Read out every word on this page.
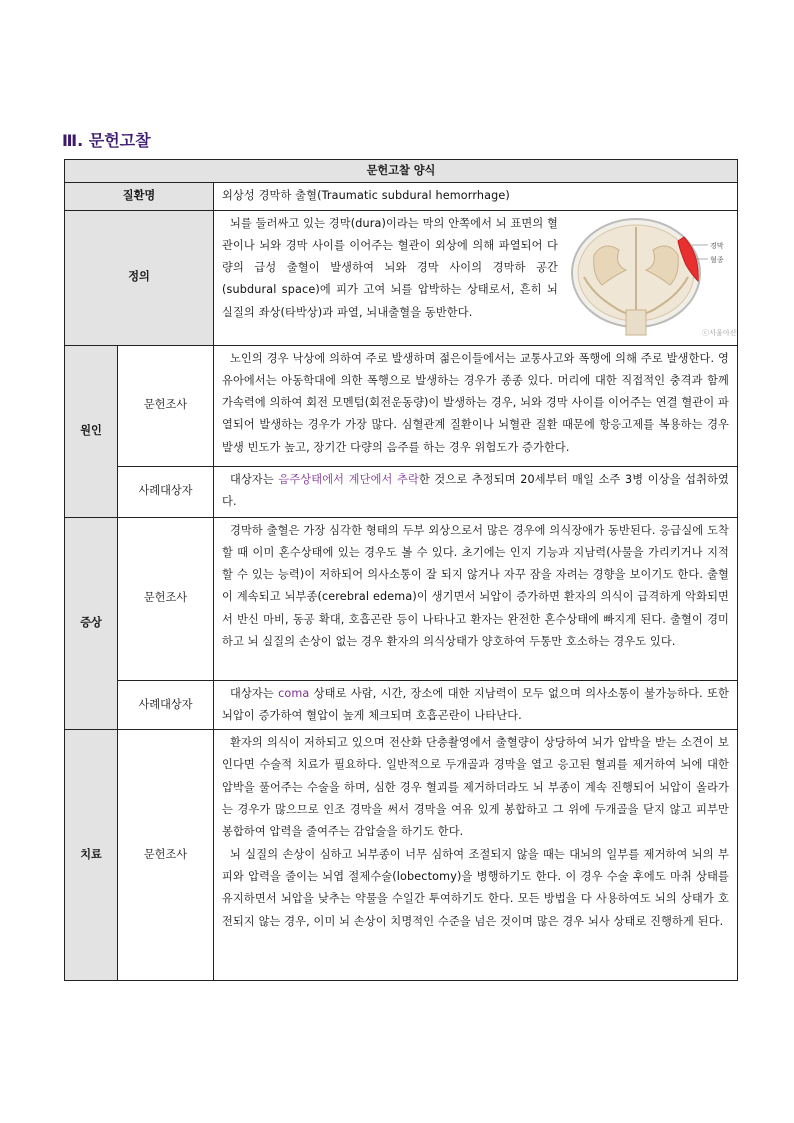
Ⅲ. 문헌고찰
문헌고찰 양식		
질환명		외상성 경막하 출혈(Traumatic subdural hemorrhage)
정의		뇌를 둘러싸고 있는 경막(dura)이라는 막의 안쪽에서 뇌 표면의 혈관이나 뇌와 경막 사이를 이어주는 혈관이 외상에 의해 파열되어 다량의 급성 출혈이 발생하여 뇌와 경막 사이의 경막하 공간(subdural space)에 피가 고여 뇌를 압박하는 상태로서, 흔히 뇌 실질의 좌상(타박상)과 파열, 뇌내출혈을 동반한다.

경막
혈종
ⓒ서울아산

원인	문헌조사	노인의 경우 낙상에 의하여 주로 발생하며 젊은이들에서는 교통사고와 폭행에 의해 주로 발생한다. 영유아에서는 아동학대에 의한 폭행으로 발생하는 경우가 종종 있다. 머리에 대한 직접적인 충격과 함께 가속력에 의하여 회전 모멘텀(회전운동량)이 발생하는 경우, 뇌와 경막 사이를 이어주는 연결 혈관이 파열되어 발생하는 경우가 가장 많다. 심혈관계 질환이나 뇌혈관 질환 때문에 항응고제를 복용하는 경우 발생 빈도가 높고, 장기간 다량의 음주를 하는 경우 위험도가 증가한다.

	사례대상자	대상자는 음주상태에서 계단에서 추락한 것으로 추정되며 20세부터 매일 소주 3병 이상을 섭취하였다.

증상	문헌조사	경막하 출혈은 가장 심각한 형태의 두부 외상으로서 많은 경우에 의식장애가 동반된다. 응급실에 도착할 때 이미 혼수상태에 있는 경우도 볼 수 있다. 초기에는 인지 기능과 지남력(사물을 가리키거나 지적할 수 있는 능력)이 저하되어 의사소통이 잘 되지 않거나 자꾸 잠을 자려는 경향을 보이기도 한다. 출혈이 계속되고 뇌부종(cerebral edema)이 생기면서 뇌압이 증가하면 환자의 의식이 급격하게 악화되면서 반신 마비, 동공 확대, 호흡곤란 등이 나타나고 환자는 완전한 혼수상태에 빠지게 된다. 출혈이 경미하고 뇌 실질의 손상이 없는 경우 환자의 의식상태가 양호하여 두통만 호소하는 경우도 있다.

	사례대상자	대상자는 coma 상태로 사람, 시간, 장소에 대한 지남력이 모두 없으며 의사소통이 불가능하다. 또한 뇌압이 증가하여 혈압이 높게 체크되며 호흡곤란이 나타난다.

치료	문헌조사	환자의 의식이 저하되고 있으며 전산화 단층촬영에서 출혈량이 상당하여 뇌가 압박을 받는 소견이 보인다면 수술적 치료가 필요하다. 일반적으로 두개골과 경막을 열고 응고된 혈괴를 제거하여 뇌에 대한 압박을 풀어주는 수술을 하며, 심한 경우 혈괴를 제거하더라도 뇌 부종이 계속 진행되어 뇌압이 올라가는 경우가 많으므로 인조 경막을 써서 경막을 여유 있게 봉합하고 그 위에 두개골을 닫지 않고 피부만 봉합하여 압력을 줄여주는 감압술을 하기도 한다.

뇌 실질의 손상이 심하고 뇌부종이 너무 심하여 조절되지 않을 때는 대뇌의 일부를 제거하여 뇌의 부피와 압력을 줄이는 뇌엽 절제수술(lobectomy)을 병행하기도 한다. 이 경우 수술 후에도 마취 상태를 유지하면서 뇌압을 낮추는 약물을 수일간 투여하기도 한다. 모든 방법을 다 사용하여도 뇌의 상태가 호전되지 않는 경우, 이미 뇌 손상이 치명적인 수준을 넘은 것이며 많은 경우 뇌사 상태로 진행하게 된다.
